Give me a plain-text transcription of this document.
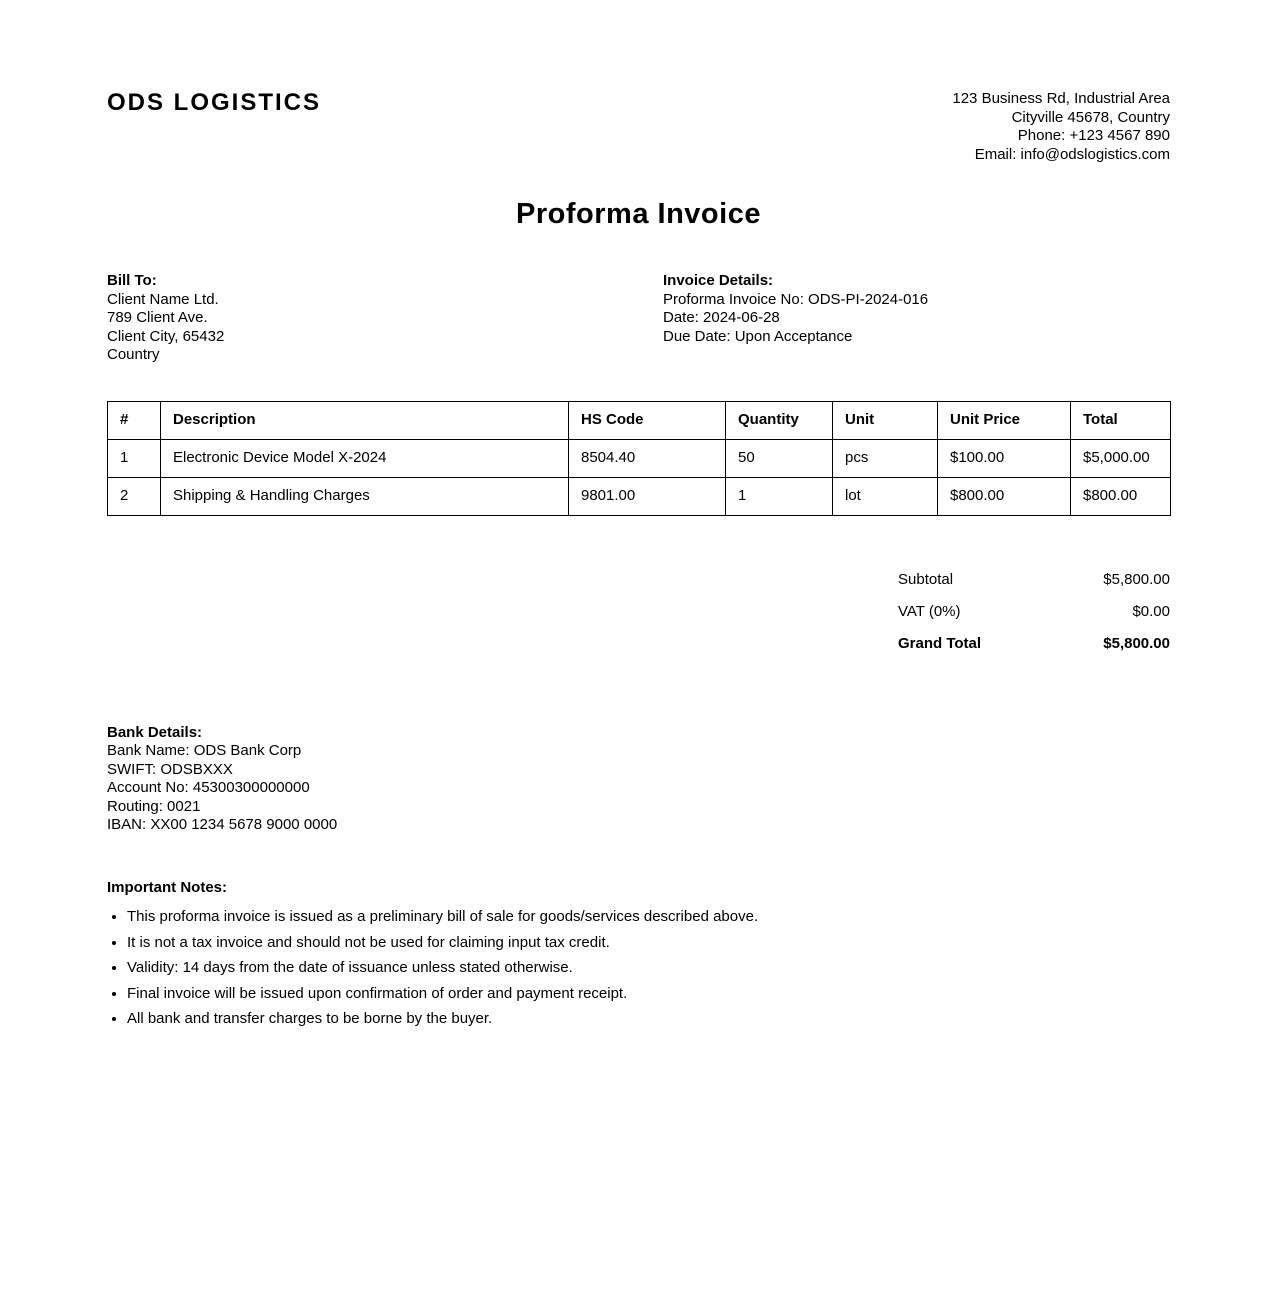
ODS LOGISTICS	123 Business Rd, Industrial Area
Cityville 45678, Country
Phone: +123 4567 890
Email: info@odslogistics.com
Proforma Invoice
Bill To:
Client Name Ltd.
789 Client Ave.
Client City, 65432
Country
Invoice Details:
Proforma Invoice No: ODS-PI-2024-016
Date: 2024-06-28
Due Date: Upon Acceptance
#	Description	HS Code	Quantity	Unit	Unit Price	Total
1	Electronic Device Model X-2024	8504.40	50	pcs	$100.00	$5,000.00
2	Shipping & Handling Charges	9801.00	1	lot	$800.00	$800.00
Subtotal	$5,800.00
VAT (0%)	$0.00
Grand Total	$5,800.00
Bank Details:
Bank Name: ODS Bank Corp
SWIFT: ODSBXXX
Account No: 45300300000000
Routing: 0021
IBAN: XX00 1234 5678 9000 0000
Important Notes:
• This proforma invoice is issued as a preliminary bill of sale for goods/services described above.
• It is not a tax invoice and should not be used for claiming input tax credit.
• Validity: 14 days from the date of issuance unless stated otherwise.
• Final invoice will be issued upon confirmation of order and payment receipt.
• All bank and transfer charges to be borne by the buyer.
